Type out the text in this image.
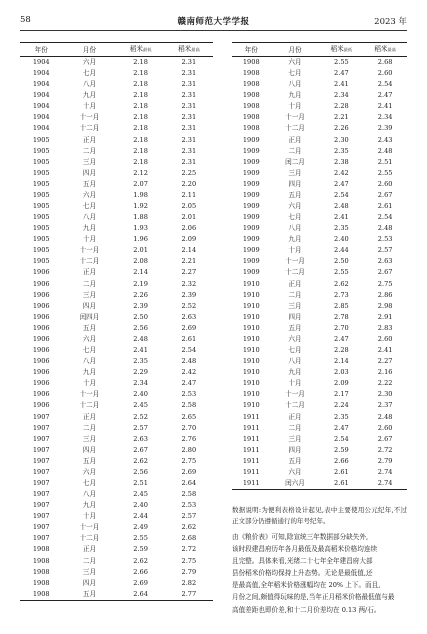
58	赣南师范大学学报	2023 年
年份	月份	稻米最低	稻米最高
1904	六月	2.18	2.31
1904	七月	2.18	2.31
1904	八月	2.18	2.31
1904	九月	2.18	2.31
1904	十月	2.18	2.31
1904	十一月	2.18	2.31
1904	十二月	2.18	2.31
1905	正月	2.18	2.31
1905	二月	2.18	2.31
1905	三月	2.18	2.31
1905	四月	2.12	2.25
1905	五月	2.07	2.20
1905	六月	1.98	2.11
1905	七月	1.92	2.05
1905	八月	1.88	2.01
1905	九月	1.93	2.06
1905	十月	1.96	2.09
1905	十一月	2.01	2.14
1905	十二月	2.08	2.21
1906	正月	2.14	2.27
1906	二月	2.19	2.32
1906	三月	2.26	2.39
1906	四月	2.39	2.52
1906	闰四月	2.50	2.63
1906	五月	2.56	2.69
1906	六月	2.48	2.61
1906	七月	2.41	2.54
1906	八月	2.35	2.48
1906	九月	2.29	2.42
1906	十月	2.34	2.47
1906	十一月	2.40	2.53
1906	十二月	2.45	2.58
1907	正月	2.52	2.65
1907	二月	2.57	2.70
1907	三月	2.63	2.76
1907	四月	2.67	2.80
1907	五月	2.62	2.75
1907	六月	2.56	2.69
1907	七月	2.51	2.64
1907	八月	2.45	2.58
1907	九月	2.40	2.53
1907	十月	2.44	2.57
1907	十一月	2.49	2.62
1907	十二月	2.55	2.68
1908	正月	2.59	2.72
1908	二月	2.62	2.75
1908	三月	2.66	2.79
1908	四月	2.69	2.82
1908	五月	2.64	2.77
年份	月份	稻米最低	稻米最高
1908	六月	2.55	2.68
1908	七月	2.47	2.60
1908	八月	2.41	2.54
1908	九月	2.34	2.47
1908	十月	2.28	2.41
1908	十一月	2.21	2.34
1908	十二月	2.26	2.39
1909	正月	2.30	2.43
1909	二月	2.35	2.48
1909	闰二月	2.38	2.51
1909	三月	2.42	2.55
1909	四月	2.47	2.60
1909	五月	2.54	2.67
1909	六月	2.48	2.61
1909	七月	2.41	2.54
1909	八月	2.35	2.48
1909	九月	2.40	2.53
1909	十月	2.44	2.57
1909	十一月	2.50	2.63
1909	十二月	2.55	2.67
1910	正月	2.62	2.75
1910	二月	2.73	2.86
1910	三月	2.85	2.98
1910	四月	2.78	2.91
1910	五月	2.70	2.83
1910	六月	2.47	2.60
1910	七月	2.28	2.41
1910	八月	2.14	2.27
1910	九月	2.03	2.16
1910	十月	2.09	2.22
1910	十一月	2.17	2.30
1910	十二月	2.24	2.37
1911	正月	2.35	2.48
1911	二月	2.47	2.60
1911	三月	2.54	2.67
1911	四月	2.59	2.72
1911	五月	2.66	2.79
1911	六月	2.61	2.74
1911	闰六月	2.61	2.74

数据说明:为便利表格设计起见,表中主要使用公元纪年,不过正文部分仍遵循通行的年号纪年。

由《粮价表》可知,除宣统三年数据部分缺失外,
该时段建昌府历年各月最低及最高稻米价格均连续
且完整。具体来看,光绪二十七年全年建昌府大部
县份稻米价格均保持上升态势。无论是最低值,还
是最高值,全年稻米价格涨幅均在 20% 上下。而且,
月份之间,颇值得玩味的是,当年正月稻米价格最低值与最
高值差距也即价差,和十二月价差均在 0.13 两/石。
